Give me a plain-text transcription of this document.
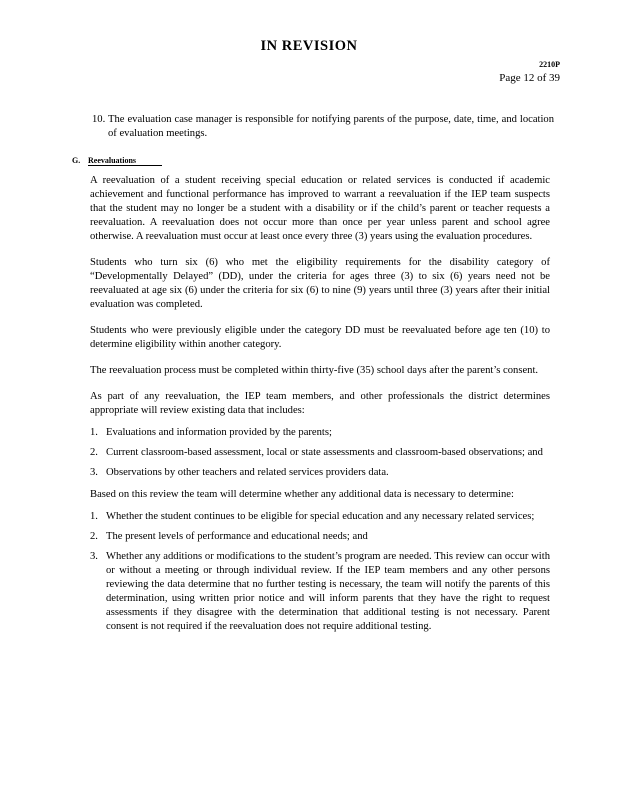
IN REVISION
2210P
Page 12 of 39
10. The evaluation case manager is responsible for notifying parents of the purpose, date, time, and location of evaluation meetings.
G. Reevaluations

A reevaluation of a student receiving special education or related services is conducted if academic achievement and functional performance has improved to warrant a reevaluation if the IEP team suspects that the student may no longer be a student with a disability or if the child’s parent or teacher requests a reevaluation. A reevaluation does not occur more than once per year unless parent and school agree otherwise. A reevaluation must occur at least once every three (3) years using the evaluation procedures.

Students who turn six (6) who met the eligibility requirements for the disability category of “Developmentally Delayed” (DD), under the criteria for ages three (3) to six (6) years need not be reevaluated at age six (6) under the criteria for six (6) to nine (9) years until three (3) years after their initial evaluation was completed.

Students who were previously eligible under the category DD must be reevaluated before age ten (10) to determine eligibility within another category.

The reevaluation process must be completed within thirty-five (35) school days after the parent’s consent.

As part of any reevaluation, the IEP team members, and other professionals the district determines appropriate will review existing data that includes:

1. Evaluations and information provided by the parents;
2. Current classroom-based assessment, local or state assessments and classroom-based observations; and
3. Observations by other teachers and related services providers data.

Based on this review the team will determine whether any additional data is necessary to determine:

1. Whether the student continues to be eligible for special education and any necessary related services;
2. The present levels of performance and educational needs; and
3. Whether any additions or modifications to the student’s program are needed. This review can occur with or without a meeting or through individual review. If the IEP team members and any other persons reviewing the data determine that no further testing is necessary, the team will notify the parents of this determination, using written prior notice and will inform parents that they have the right to request assessments if they disagree with the determination that additional testing is not necessary. Parent consent is not required if the reevaluation does not require additional testing.
